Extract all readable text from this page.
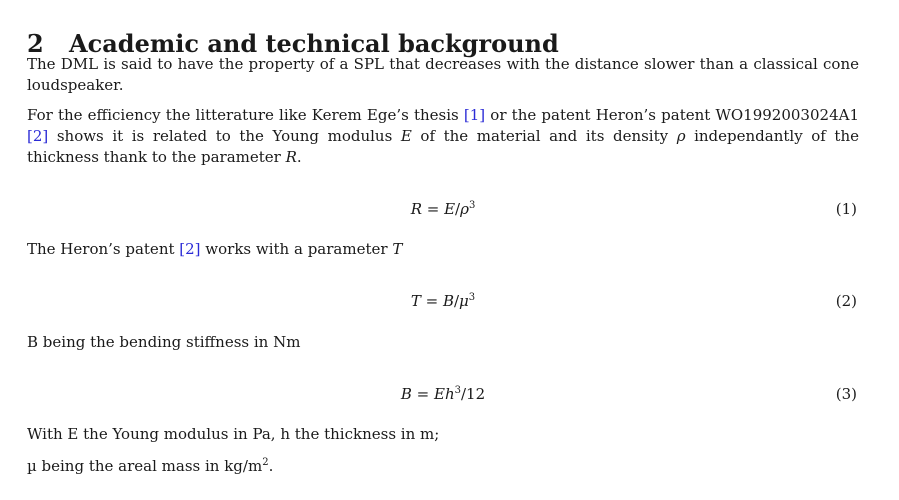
2 Academic and technical background

The DML is said to have the property of a SPL that decreases with the distance slower than a classical cone loudspeaker.

For the efficiency the litterature like Kerem Ege’s thesis [1] or the patent Heron’s patent WO1992003024A1 [2] shows it is related to the Young modulus E of the material and its density ρ independantly of the thickness thank to the parameter R.

$R = E/\rho^3$	(1)

The Heron’s patent [2] works with a parameter T

$T = B/\mu^3$	(2)

B being the bending stiffness in Nm

$B = Eh^3/12$	(3)

With E the Young modulus in Pa, h the thickness in m;

µ being the areal mass in $kg/m^2$.
